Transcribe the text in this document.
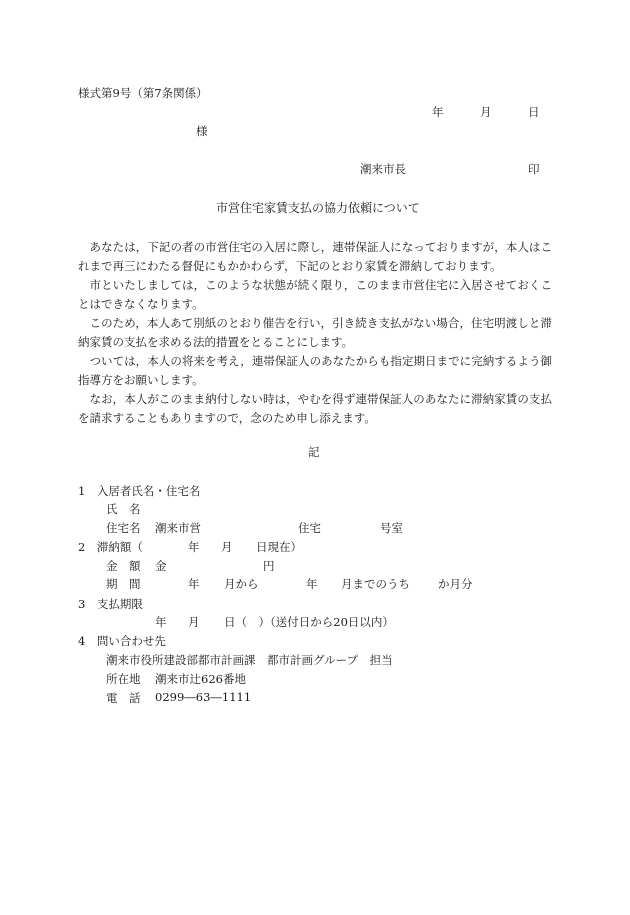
様式第9号（第7条関係）
年	月	日
様
潮来市長	印
市営住宅家賃支払の協力依頼について
あなたは，下記の者の市営住宅の入居に際し，連帯保証人になっておりますが，本人はこれまで再三にわたる督促にもかかわらず，下記のとおり家賃を滞納しております。
市といたしましては，このような状態が続く限り，このまま市営住宅に入居させておくことはできなくなります。
このため，本人あて別紙のとおり催告を行い，引き続き支払がない場合，住宅明渡しと滞納家賃の支払を求める法的措置をとることにします。
ついては，本人の将来を考え，連帯保証人のあなたからも指定期日までに完納するよう御指導方をお願いします。
なお，本人がこのまま納付しない時は，やむを得ず連帯保証人のあなたに滞納家賃の支払を請求することもありますので，念のため申し添えます。
記
1　入居者氏名・住宅名
氏　名
住宅名 潮来市営	住宅	号室
2　滞納額（	年 月 日現在）
金　額 金	円
期　間	年 月から	年 月までのうち か月分
3　支払期限
年 月 日（　）（送付日から20日以内）
4　問い合わせ先
潮来市役所建設部都市計画課　都市計画グループ　担当
所在地 潮来市辻626番地
電　話 0299―63―1111
